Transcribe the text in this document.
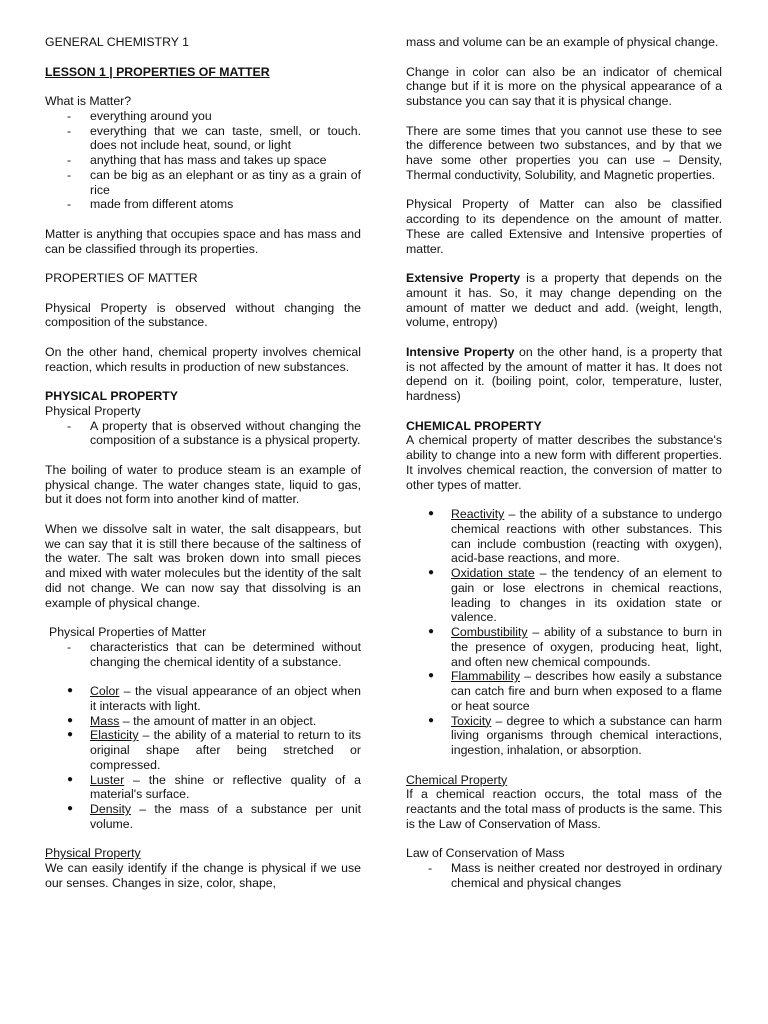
GENERAL CHEMISTRY 1

LESSON 1 | PROPERTIES OF MATTER

What is Matter?

- everything around you
- everything that we can taste, smell, or touch. does not include heat, sound, or light
- anything that has mass and takes up space
- can be big as an elephant or as tiny as a grain of rice
- made from different atoms

Matter is anything that occupies space and has mass and can be classified through its properties.

PROPERTIES OF MATTER

Physical Property is observed without changing the composition of the substance.

On the other hand, chemical property involves chemical reaction, which results in production of new substances.

PHYSICAL PROPERTY

Physical Property

- A property that is observed without changing the composition of a substance is a physical property.

The boiling of water to produce steam is an example of physical change. The water changes state, liquid to gas, but it does not form into another kind of matter.

When we dissolve salt in water, the salt disappears, but we can say that it is still there because of the saltiness of the water. The salt was broken down into small pieces and mixed with water molecules but the identity of the salt did not change. We can now say that dissolving is an example of physical change.

Physical Properties of Matter

- characteristics that can be determined without changing the chemical identity of a substance.
● Color – the visual appearance of an object when it interacts with light.
● Mass – the amount of matter in an object.
● Elasticity – the ability of a material to return to its original shape after being stretched or compressed.
● Luster – the shine or reflective quality of a material's surface.
● Density – the mass of a substance per unit volume.

Physical Property

We can easily identify if the change is physical if we use our senses. Changes in size, color, shape,

mass and volume can be an example of physical change.

Change in color can also be an indicator of chemical change but if it is more on the physical appearance of a substance you can say that it is physical change.

There are some times that you cannot use these to see the difference between two substances, and by that we have some other properties you can use – Density, Thermal conductivity, Solubility, and Magnetic properties.

Physical Property of Matter can also be classified according to its dependence on the amount of matter. These are called Extensive and Intensive properties of matter.

Extensive Property is a property that depends on the amount it has. So, it may change depending on the amount of matter we deduct and add. (weight, length, volume, entropy)

Intensive Property on the other hand, is a property that is not affected by the amount of matter it has. It does not depend on it. (boiling point, color, temperature, luster, hardness)

CHEMICAL PROPERTY

A chemical property of matter describes the substance's ability to change into a new form with different properties. It involves chemical reaction, the conversion of matter to other types of matter.

● Reactivity – the ability of a substance to undergo chemical reactions with other substances. This can include combustion (reacting with oxygen), acid-base reactions, and more.
● Oxidation state – the tendency of an element to gain or lose electrons in chemical reactions, leading to changes in its oxidation state or valence.
● Combustibility – ability of a substance to burn in the presence of oxygen, producing heat, light, and often new chemical compounds.
● Flammability – describes how easily a substance can catch fire and burn when exposed to a flame or heat source
● Toxicity – degree to which a substance can harm living organisms through chemical interactions, ingestion, inhalation, or absorption.

Chemical Property

If a chemical reaction occurs, the total mass of the reactants and the total mass of products is the same. This is the Law of Conservation of Mass.

Law of Conservation of Mass

- Mass is neither created nor destroyed in ordinary chemical and physical changes
